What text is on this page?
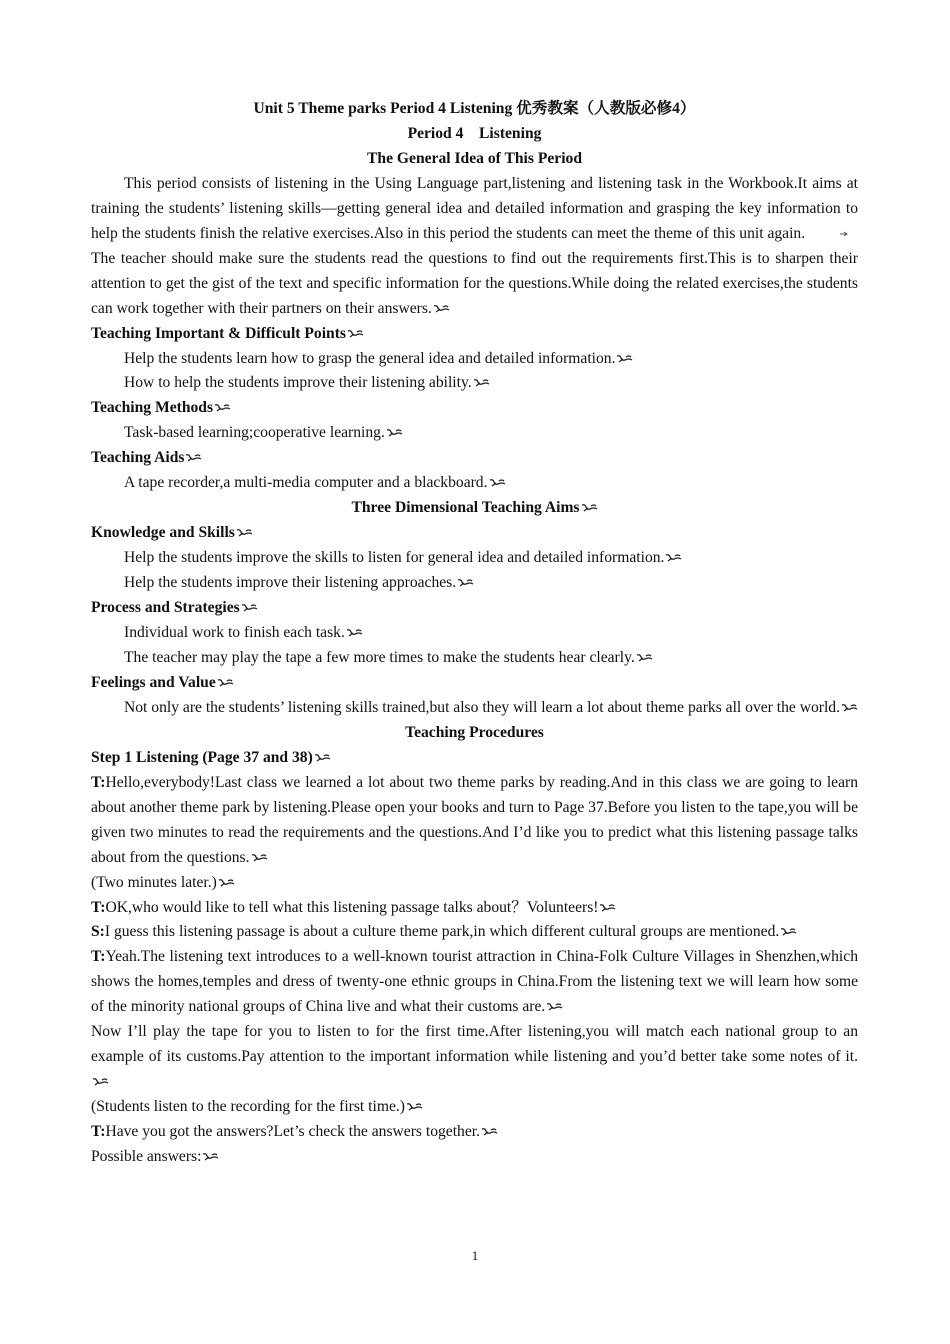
Unit 5 Theme parks Period 4 Listening 优秀教案（人教版必修4）

Period 4　Listening

The General Idea of This Period

This period consists of listening in the Using Language part,listening and listening task in the Workbook.It aims at training the students’ listening skills—getting general idea and detailed information and grasping the key information to help the students finish the relative exercises.Also in this period the students can meet the theme of this unit again.

The teacher should make sure the students read the questions to find out the requirements first.This is to sharpen their attention to get the gist of the text and specific information for the questions.While doing the related exercises,the students can work together with their partners on their answers.

Teaching Important & Difficult Points

Help the students learn how to grasp the general idea and detailed information.

How to help the students improve their listening ability.

Teaching Methods

Task-based learning;cooperative learning.

Teaching Aids

A tape recorder,a multi-media computer and a blackboard.

Three Dimensional Teaching Aims

Knowledge and Skills

Help the students improve the skills to listen for general idea and detailed information.

Help the students improve their listening approaches.

Process and Strategies

Individual work to finish each task.

The teacher may play the tape a few more times to make the students hear clearly.

Feelings and Value

Not only are the students’ listening skills trained,but also they will learn a lot about theme parks all over the world.

Teaching Procedures

Step 1 Listening (Page 37 and 38)

T:Hello,everybody!Last class we learned a lot about two theme parks by reading.And in this class we are going to learn about another theme park by listening.Please open your books and turn to Page 37.Before you listen to the tape,you will be given two minutes to read the requirements and the questions.And I’d like you to predict what this listening passage talks about from the questions.

(Two minutes later.)

T:OK,who would like to tell what this listening passage talks about？Volunteers!

S:I guess this listening passage is about a culture theme park,in which different cultural groups are mentioned.

T:Yeah.The listening text introduces to a well-known tourist attraction in China-Folk Culture Villages in Shenzhen,which shows the homes,temples and dress of twenty-one ethnic groups in China.From the listening text we will learn how some of the minority national groups of China live and what their customs are.

Now I’ll play the tape for you to listen to for the first time.After listening,you will match each national group to an example of its customs.Pay attention to the important information while listening and you’d better take some notes of it.

(Students listen to the recording for the first time.)

T:Have you got the answers?Let’s check the answers together.

Possible answers:

1
